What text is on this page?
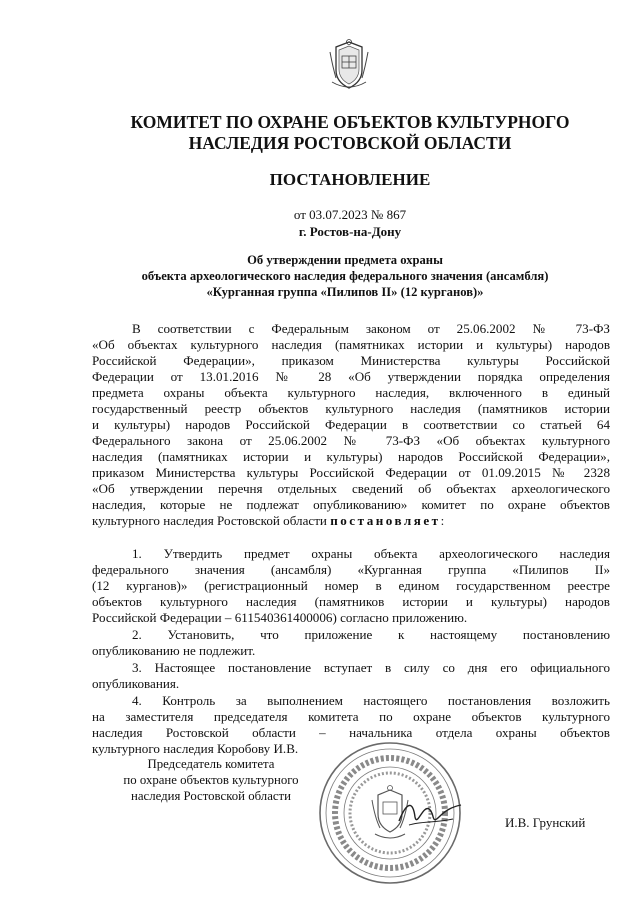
КОМИТЕТ ПО ОХРАНЕ ОБЪЕКТОВ КУЛЬТУРНОГО
НАСЛЕДИЯ РОСТОВСКОЙ ОБЛАСТИ
ПОСТАНОВЛЕНИЕ
от 03.07.2023 № 867
г. Ростов-на-Дону
Об утверждении предмета охраны
объекта археологического наследия федерального значения (ансамбля)
«Курганная группа «Пилипов II» (12 курганов)»
В соответствии с Федеральным законом от 25.06.2002 № 73-ФЗ
«Об объектах культурного наследия (памятниках истории и культуры) народов
Российской Федерации», приказом Министерства культуры Российской
Федерации от 13.01.2016 № 28 «Об утверждении порядка определения
предмета охраны объекта культурного наследия, включенного в единый
государственный реестр объектов культурного наследия (памятников истории
и культуры) народов Российской Федерации в соответствии со статьей 64
Федерального закона от 25.06.2002 № 73-ФЗ «Об объектах культурного
наследия (памятниках истории и культуры) народов Российской Федерации»,
приказом Министерства культуры Российской Федерации от 01.09.2015 № 2328
«Об утверждении перечня отдельных сведений об объектах археологического
наследия, которые не подлежат опубликованию» комитет по охране объектов
культурного наследия Ростовской области постановляет:
1. Утвердить предмет охраны объекта археологического наследия
федерального значения (ансамбля) «Курганная группа «Пилипов II»
(12 курганов)» (регистрационный номер в едином государственном реестре
объектов культурного наследия (памятников истории и культуры) народов
Российской Федерации – 611540361400006) согласно приложению.
2. Установить, что приложение к настоящему постановлению
опубликованию не подлежит.
3. Настоящее постановление вступает в силу со дня его официального
опубликования.
4. Контроль за выполнением настоящего постановления возложить
на заместителя председателя комитета по охране объектов культурного
наследия Ростовской области – начальника отдела охраны объектов
культурного наследия Коробову И.В.
Председатель комитета
по охране объектов культурного
наследия Ростовской области
И.В. Грунский
